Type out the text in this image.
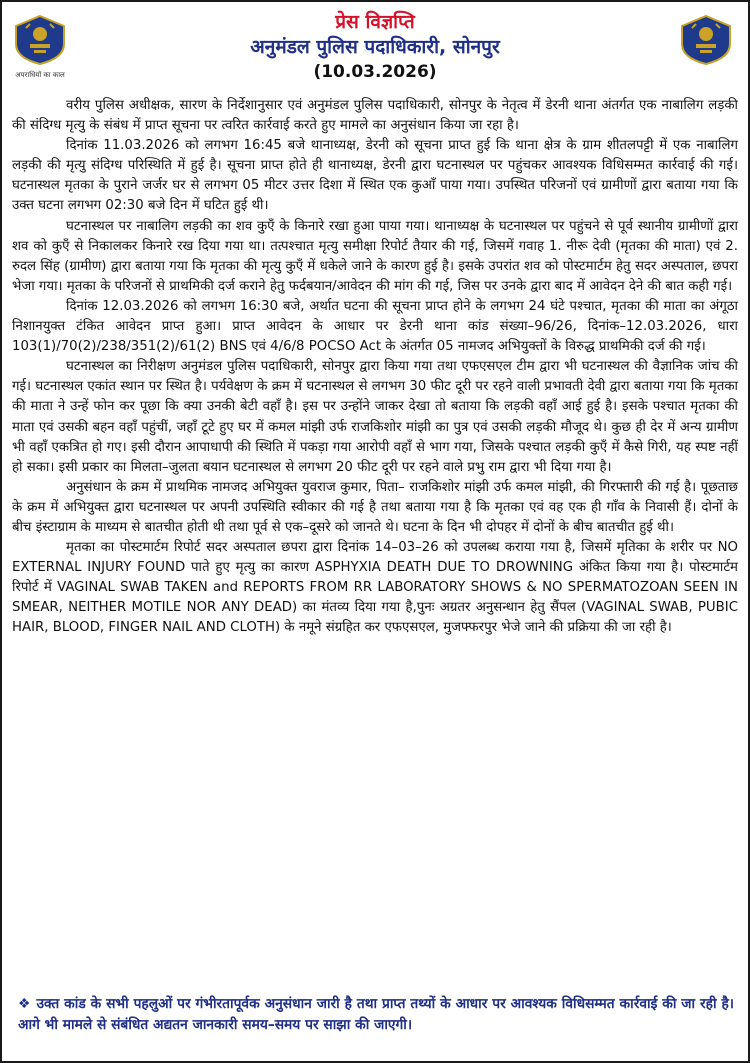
अपराधियों का काल
प्रेस विज्ञप्ति
अनुमंडल पुलिस पदाधिकारी, सोनपुर
(10.03.2026)

वरीय पुलिस अधीक्षक, सारण के निर्देशानुसार एवं अनुमंडल पुलिस पदाधिकारी, सोनपुर के नेतृत्व में डेरनी थाना अंतर्गत एक नाबालिग लड़की की संदिग्ध मृत्यु के संबंध में प्राप्त सूचना पर त्वरित कार्रवाई करते हुए मामले का अनुसंधान किया जा रहा है।

दिनांक 11.03.2026 को लगभग 16:45 बजे थानाध्यक्ष, डेरनी को सूचना प्राप्त हुई कि थाना क्षेत्र के ग्राम शीतलपट्टी में एक नाबालिग लड़की की मृत्यु संदिग्ध परिस्थिति में हुई है। सूचना प्राप्त होते ही थानाध्यक्ष, डेरनी द्वारा घटनास्थल पर पहुंचकर आवश्यक विधिसम्मत कार्रवाई की गई। घटनास्थल मृतका के पुराने जर्जर घर से लगभग 05 मीटर उत्तर दिशा में स्थित एक कुआँ पाया गया। उपस्थित परिजनों एवं ग्रामीणों द्वारा बताया गया कि उक्त घटना लगभग 02:30 बजे दिन में घटित हुई थी।

घटनास्थल पर नाबालिग लड़की का शव कुएँ के किनारे रखा हुआ पाया गया। थानाध्यक्ष के घटनास्थल पर पहुंचने से पूर्व स्थानीय ग्रामीणों द्वारा शव को कुएँ से निकालकर किनारे रख दिया गया था। तत्पश्चात मृत्यु समीक्षा रिपोर्ट तैयार की गई, जिसमें गवाह 1. नीरू देवी (मृतका की माता) एवं 2. रुदल सिंह (ग्रामीण) द्वारा बताया गया कि मृतका की मृत्यु कुएँ में धकेले जाने के कारण हुई है। इसके उपरांत शव को पोस्टमार्टम हेतु सदर अस्पताल, छपरा भेजा गया। मृतका के परिजनों से प्राथमिकी दर्ज कराने हेतु फर्दबयान/आवेदन की मांग की गई, जिस पर उनके द्वारा बाद में आवेदन देने की बात कही गई।

दिनांक 12.03.2026 को लगभग 16:30 बजे, अर्थात घटना की सूचना प्राप्त होने के लगभग 24 घंटे पश्चात, मृतका की माता का अंगूठा निशानयुक्त टंकित आवेदन प्राप्त हुआ। प्राप्त आवेदन के आधार पर डेरनी थाना कांड संख्या–96/26, दिनांक–12.03.2026, धारा 103(1)/70(2)/238/351(2)/61(2) BNS एवं 4/6/8 POCSO Act के अंतर्गत 05 नामजद अभियुक्तों के विरुद्ध प्राथमिकी दर्ज की गई।

घटनास्थल का निरीक्षण अनुमंडल पुलिस पदाधिकारी, सोनपुर द्वारा किया गया तथा एफएसएल टीम द्वारा भी घटनास्थल की वैज्ञानिक जांच की गई। घटनास्थल एकांत स्थान पर स्थित है। पर्यवेक्षण के क्रम में घटनास्थल से लगभग 30 फीट दूरी पर रहने वाली प्रभावती देवी द्वारा बताया गया कि मृतका की माता ने उन्हें फोन कर पूछा कि क्या उनकी बेटी वहाँ है। इस पर उन्होंने जाकर देखा तो बताया कि लड़की वहाँ आई हुई है। इसके पश्चात मृतका की माता एवं उसकी बहन वहाँ पहुंचीं, जहाँ टूटे हुए घर में कमल मांझी उर्फ राजकिशोर मांझी का पुत्र एवं उसकी लड़की मौजूद थे। कुछ ही देर में अन्य ग्रामीण भी वहाँ एकत्रित हो गए। इसी दौरान आपाधापी की स्थिति में पकड़ा गया आरोपी वहाँ से भाग गया, जिसके पश्चात लड़की कुएँ में कैसे गिरी, यह स्पष्ट नहीं हो सका। इसी प्रकार का मिलता–जुलता बयान घटनास्थल से लगभग 20 फीट दूरी पर रहने वाले प्रभु राम द्वारा भी दिया गया है।

अनुसंधान के क्रम में प्राथमिक नामजद अभियुक्त युवराज कुमार, पिता– राजकिशोर मांझी उर्फ कमल मांझी, की गिरफ्तारी की गई है। पूछताछ के क्रम में अभियुक्त द्वारा घटनास्थल पर अपनी उपस्थिति स्वीकार की गई है तथा बताया गया है कि मृतका एवं वह एक ही गाँव के निवासी हैं। दोनों के बीच इंस्टाग्राम के माध्यम से बातचीत होती थी तथा पूर्व से एक–दूसरे को जानते थे। घटना के दिन भी दोपहर में दोनों के बीच बातचीत हुई थी।

मृतका का पोस्टमार्टम रिपोर्ट सदर अस्पताल छपरा द्वारा दिनांक 14–03–26 को उपलब्ध कराया गया है, जिसमें मृतिका के शरीर पर NO EXTERNAL INJURY FOUND पाते हुए मृत्यु का कारण ASPHYXIA DEATH DUE TO DROWNING अंकित किया गया है। पोस्टमार्टम रिपोर्ट में VAGINAL SWAB TAKEN and REPORTS FROM RR LABORATORY SHOWS & NO SPERMATOZOAN SEEN IN SMEAR, NEITHER MOTILE NOR ANY DEAD) का मंतव्य दिया गया है,पुनः अग्रतर अनुसन्धान हेतु सैंपल (VAGINAL SWAB, PUBIC HAIR, BLOOD, FINGER NAIL AND CLOTH) के नमूने संग्रहित कर एफएसएल, मुजफ्फरपुर भेजे जाने की प्रक्रिया की जा रही है।

❖ उक्त कांड के सभी पहलुओं पर गंभीरतापूर्वक अनुसंधान जारी है तथा प्राप्त तथ्यों के आधार पर आवश्यक विधिसम्मत कार्रवाई की जा रही है। आगे भी मामले से संबंधित अद्यतन जानकारी समय–समय पर साझा की जाएगी।
